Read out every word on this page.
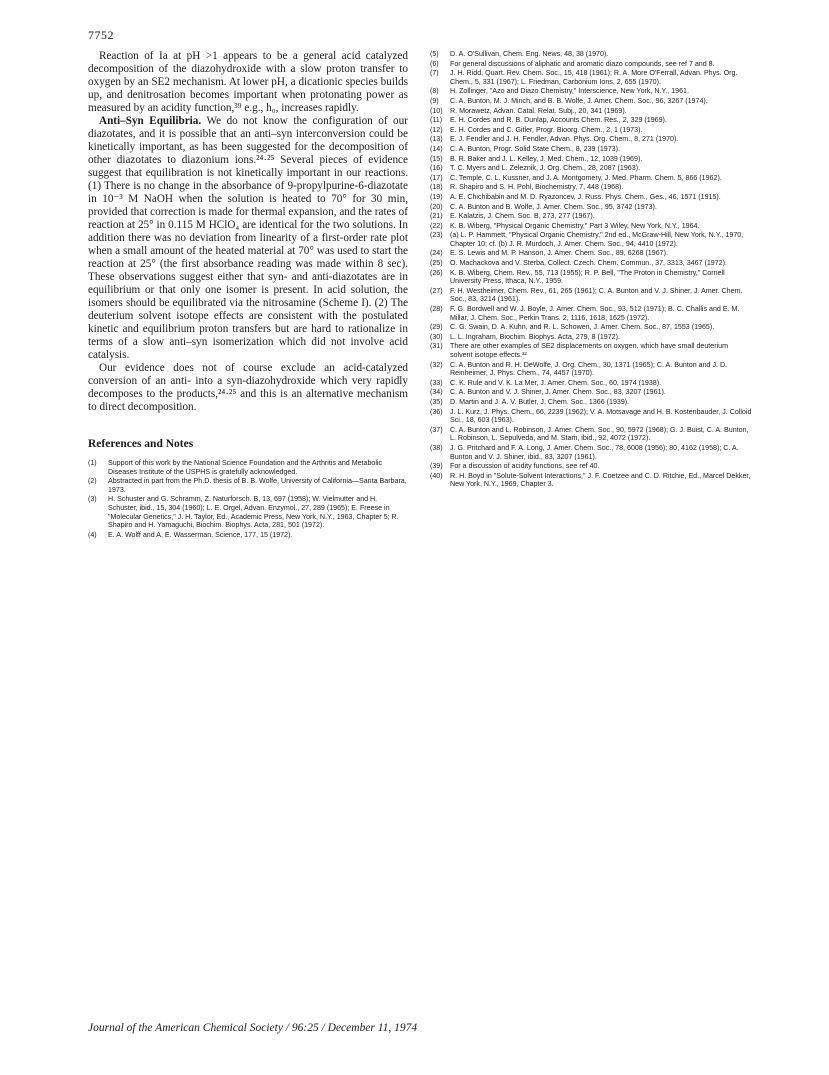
7752

Reaction of Ia at pH >1 appears to be a general acid catalyzed decomposition of the diazohydroxide with a slow proton transfer to oxygen by an SE2 mechanism. At lower pH, a dicationic species builds up, and denitrosation becomes important when protonating power as measured by an acidity function,³⁹ e.g., h₀, increases rapidly.

Anti–Syn Equilibria. We do not know the configuration of our diazotates, and it is possible that an anti–syn interconversion could be kinetically important, as has been suggested for the decomposition of other diazotates to diazonium ions.²⁴·²⁵ Several pieces of evidence suggest that equilibration is not kinetically important in our reactions. (1) There is no change in the absorbance of 9-propylpurine-6-diazotate in 10⁻³ M NaOH when the solution is heated to 70° for 30 min, provided that correction is made for thermal expansion, and the rates of reaction at 25° in 0.115 M HClO₄ are identical for the two solutions. In addition there was no deviation from linearity of a first-order rate plot when a small amount of the heated material at 70° was used to start the reaction at 25° (the first absorbance reading was made within 8 sec). These observations suggest either that syn- and anti-diazotates are in equilibrium or that only one isomer is present. In acid solution, the isomers should be equilibrated via the nitrosamine (Scheme I). (2) The deuterium solvent isotope effects are consistent with the postulated kinetic and equilibrium proton transfers but are hard to rationalize in terms of a slow anti–syn isomerization which did not involve acid catalysis.

Our evidence does not of course exclude an acid-catalyzed conversion of an anti- into a syn-diazohydroxide which very rapidly decomposes to the products,²⁴·²⁵ and this is an alternative mechanism to direct decomposition.

References and Notes
(1)	Support of this work by the National Science Foundation and the Arthritis and Metabolic Diseases Institute of the USPHS is gratefully acknowledged.
(2)	Abstracted in part from the Ph.D. thesis of B. B. Wolfe, University of California—Santa Barbara, 1973.
(3)	H. Schuster and G. Schramm, Z. Naturforsch. B, 13, 697 (1958); W. Vielmutter and H. Schuster, ibid., 15, 304 (1960); L. E. Orgel, Advan. Enzymol., 27, 289 (1965); E. Freese in "Molecular Genetics," J. H. Taylor, Ed., Academic Press, New York, N.Y., 1963, Chapter 5; R. Shapiro and H. Yamaguchi, Biochim. Biophys. Acta, 281, 501 (1972).
(4)	E. A. Wolff and A. E. Wasserman, Science, 177, 15 (1972).
(5)	D. A. O'Sullivan, Chem. Eng. News, 48, 38 (1970).
(6)	For general discussions of aliphatic and aromatic diazo compounds, see ref 7 and 8.
(7)	J. H. Ridd, Quart. Rev. Chem. Soc., 15, 418 (1961); R. A. More O'Ferrall, Advan. Phys. Org. Chem., 5, 331 (1967); L. Friedman, Carbonium Ions, 2, 655 (1970).
(8)	H. Zollinger, "Azo and Diazo Chemistry," Interscience, New York, N.Y., 1961.
(9)	C. A. Bunton, M. J. Minch, and B. B. Wolfe, J. Amer. Chem. Soc., 96, 3267 (1974).
(10)	R. Morawetz, Advan. Catal. Relat. Subj., 20, 341 (1969).
(11)	E. H. Cordes and R. B. Dunlap, Accounts Chem. Res., 2, 329 (1969).
(12)	E. H. Cordes and C. Gitler, Progr. Bioorg. Chem., 2, 1 (1973).
(13)	E. J. Fendler and J. H. Fendler, Advan. Phys. Org. Chem., 8, 271 (1970).
(14)	C. A. Bunton, Progr. Solid State Chem., 8, 239 (1973).
(15)	B. R. Baker and J. L. Kelley, J. Med. Chem., 12, 1039 (1969).
(16)	T. C. Myers and L. Zeleznik, J. Org. Chem., 28, 2087 (1963).
(17)	C. Temple, C. L. Kussner, and J. A. Montgomery, J. Med. Pharm. Chem. 5, 866 (1962).
(18)	R. Shapiro and S. H. Pohl, Biochemistry, 7, 448 (1968).
(19)	A. E. Chichibabin and M. D. Ryazoncev, J. Russ. Phys. Chem., Ges., 46, 1571 (1915).
(20)	C. A. Bunton and B. Wolfe, J. Amer. Chem. Soc., 95, 3742 (1973).
(21)	E. Kalatzis, J. Chem. Soc. B, 273, 277 (1967).
(22)	K. B. Wiberg, "Physical Organic Chemistry," Part 3 Wiley, New York, N.Y., 1964.
(23)	(a) L. P. Hammett, "Physical Organic Chemistry," 2nd ed., McGraw-Hill, New York, N.Y., 1970, Chapter 10; cf. (b) J. R. Murdoch, J. Amer. Chem. Soc., 94, 4410 (1972).
(24)	E. S. Lewis and M. P. Hanson, J. Amer. Chem. Soc., 89, 6268 (1967).
(25)	O. Machackova and V. Sterba, Collect. Czech. Chem. Commun., 37, 3313, 3467 (1972).
(26)	K. B. Wiberg, Chem. Rev., 55, 713 (1955); R. P. Bell, "The Proton in Chemistry," Cornell University Press, Ithaca, N.Y., 1959.
(27)	F. H. Westheimer, Chem. Rev., 61, 265 (1961); C. A. Bunton and V. J. Shiner, J. Amer. Chem. Soc., 83, 3214 (1961).
(28)	F. G. Bordwell and W. J. Boyle, J. Amer. Chem. Soc., 93, 512 (1971); B. C. Challis and E. M. Millar, J. Chem. Soc., Perkin Trans. 2, 1116, 1618, 1625 (1972).
(29)	C. G. Swain, D. A. Kuhn, and R. L. Schowen, J. Amer. Chem. Soc., 87, 1553 (1965).
(30)	L. L. Ingraham, Biochim. Biophys. Acta, 279, 8 (1972).
(31)	There are other examples of SE2 displacements on oxygen, which have small deuterium solvent isotope effects.³²
(32)	C. A. Bunton and R. H. DeWolfe, J. Org. Chem., 30, 1371 (1965); C. A. Bunton and J. D. Reinheimer, J. Phys. Chem., 74, 4457 (1970).
(33)	C. K. Rule and V. K. La Mer, J. Amer. Chem. Soc., 60, 1974 (1938).
(34)	C. A. Bunton and V. J. Shiner, J. Amer. Chem. Soc., 83, 3207 (1961).
(35)	D. Martin and J. A. V. Butler, J. Chem. Soc., 1366 (1939).
(36)	J. L. Kurz, J. Phys. Chem., 66, 2239 (1962); V. A. Motsavage and H. B. Kostenbauder, J. Colloid Sci., 18, 603 (1963).
(37)	C. A. Bunton and L. Robinson, J. Amer. Chem. Soc., 90, 5972 (1968); G. J. Buist, C. A. Bunton, L. Robinson, L. Sepulveda, and M. Stam, ibid., 92, 4072 (1972).
(38)	J. G. Pritchard and F. A. Long, J. Amer. Chem. Soc., 78, 6008 (1956); 80, 4162 (1958); C. A. Bunton and V. J. Shiner, ibid., 83, 3207 (1961).
(39)	For a discussion of acidity functions, see ref 40.
(40)	R. H. Boyd in "Solute-Solvent Interactions," J. F. Coetzee and C. D. Ritchie, Ed., Marcel Dekker, New York, N.Y., 1969, Chapter 3.
Journal of the American Chemical Society / 96:25 / December 11, 1974
